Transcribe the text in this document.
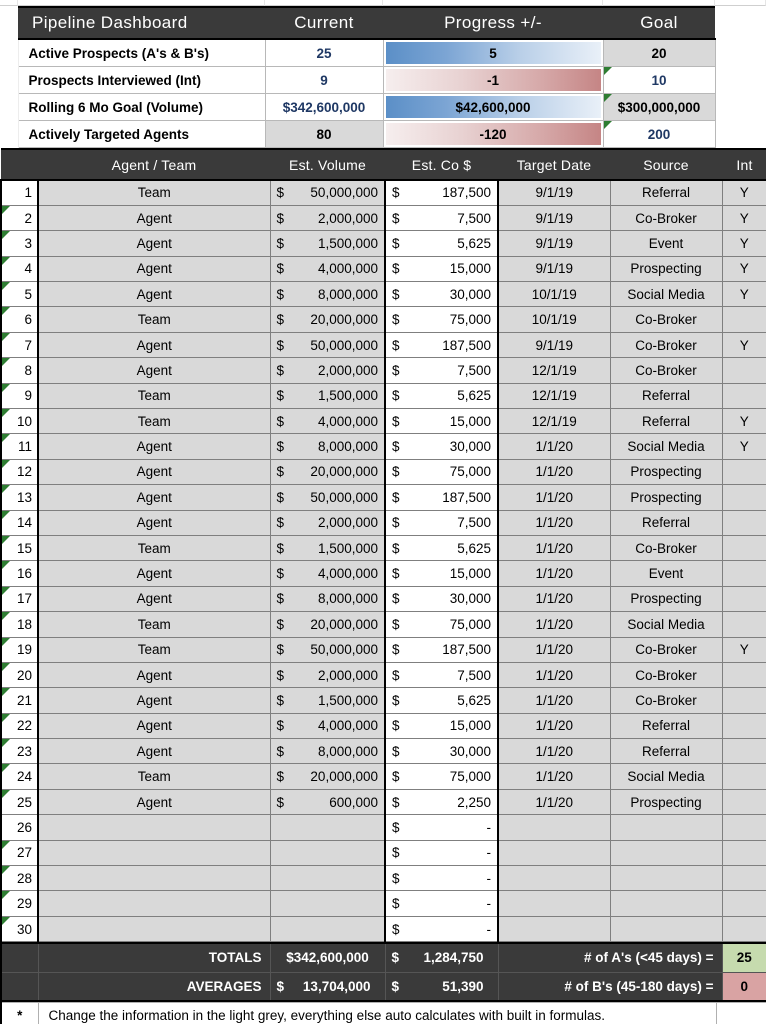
	Pipeline Dashboard	Current	Progress +/-	Goal	
	Active Prospects (A's & B's)	25	5	20	
	Prospects Interviewed (Int)	9	-1	10	
	Rolling 6 Mo Goal (Volume)	$342,600,000	$42,600,000	$300,000,000	
	Actively Targeted Agents	80	-120	200	
	Agent / Team	Est. Volume	Est. Co $	Target Date	Source	Int
1	Team	$ 50,000,000	$ 187,500	9/1/19	Referral	Y

2	Agent	$ 2,000,000	$ 7,500	9/1/19	Co-Broker	Y

3	Agent	$ 1,500,000	$ 5,625	9/1/19	Event	Y

4	Agent	$ 4,000,000	$ 15,000	9/1/19	Prospecting	Y

5	Agent	$ 8,000,000	$ 30,000	10/1/19	Social Media	Y

6	Team	$ 20,000,000	$ 75,000	10/1/19	Co-Broker	

7	Agent	$ 50,000,000	$ 187,500	9/1/19	Co-Broker	Y

8	Agent	$ 2,000,000	$ 7,500	12/1/19	Co-Broker	

9	Team	$ 1,500,000	$ 5,625	12/1/19	Referral	

10	Team	$ 4,000,000	$ 15,000	12/1/19	Referral	Y

11	Agent	$ 8,000,000	$ 30,000	1/1/20	Social Media	Y

12	Agent	$ 20,000,000	$ 75,000	1/1/20	Prospecting	

13	Agent	$ 50,000,000	$ 187,500	1/1/20	Prospecting	

14	Agent	$ 2,000,000	$ 7,500	1/1/20	Referral	

15	Team	$ 1,500,000	$ 5,625	1/1/20	Co-Broker	

16	Agent	$ 4,000,000	$ 15,000	1/1/20	Event	

17	Agent	$ 8,000,000	$ 30,000	1/1/20	Prospecting	

18	Team	$ 20,000,000	$ 75,000	1/1/20	Social Media	

19	Team	$ 50,000,000	$ 187,500	1/1/20	Co-Broker	Y

20	Agent	$ 2,000,000	$ 7,500	1/1/20	Co-Broker	

21	Agent	$ 1,500,000	$ 5,625	1/1/20	Co-Broker	

22	Agent	$ 4,000,000	$ 15,000	1/1/20	Referral	

23	Agent	$ 8,000,000	$ 30,000	1/1/20	Referral	

24	Team	$ 20,000,000	$ 75,000	1/1/20	Social Media	

25	Agent	$ 600,000	$ 2,250	1/1/20	Prospecting	
26			$ -			

27			$ -			

28			$ -			

29			$ -			

30			$ -			

	TOTALS	$342,600,000	$ 1,284,750	# of A's (<45 days) =	25
	AVERAGES	$ 13,704,000	$ 51,390	# of B's (45-180 days) =	0
*	Change the information in the light grey, everything else auto calculates with built in formulas.	
